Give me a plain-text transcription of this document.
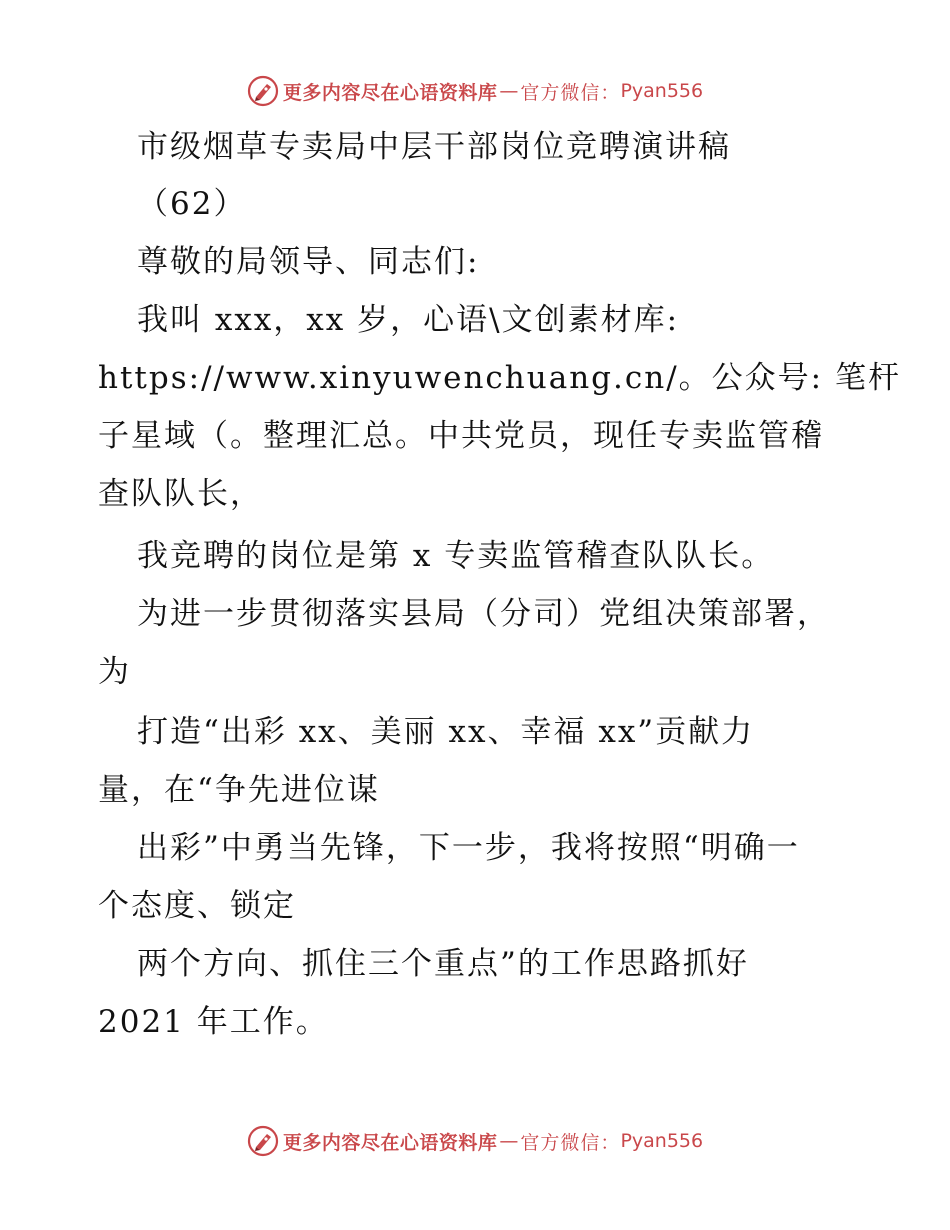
更多内容尽在心语资料库 — 官方微信： Pyan556
市级烟草专卖局中层干部岗位竞聘演讲稿
（62）
尊敬的局领导、同志们:
我叫 xxx，xx 岁，心语\文创素材库:
https://www.xinyuwenchuang.cn/。公众号: 笔杆
子星域（。整理汇总。中共党员，现任专卖监管稽
查队队长，
我竞聘的岗位是第 x 专卖监管稽查队队长。
为进一步贯彻落实县局（分司）党组决策部署，
为
打造“出彩 xx、美丽 xx、幸福 xx”贡献力
量，在“争先进位谋
出彩”中勇当先锋，下一步，我将按照“明确一
个态度、锁定
两个方向、抓住三个重点”的工作思路抓好
2021 年工作。
更多内容尽在心语资料库 — 官方微信： Pyan556
